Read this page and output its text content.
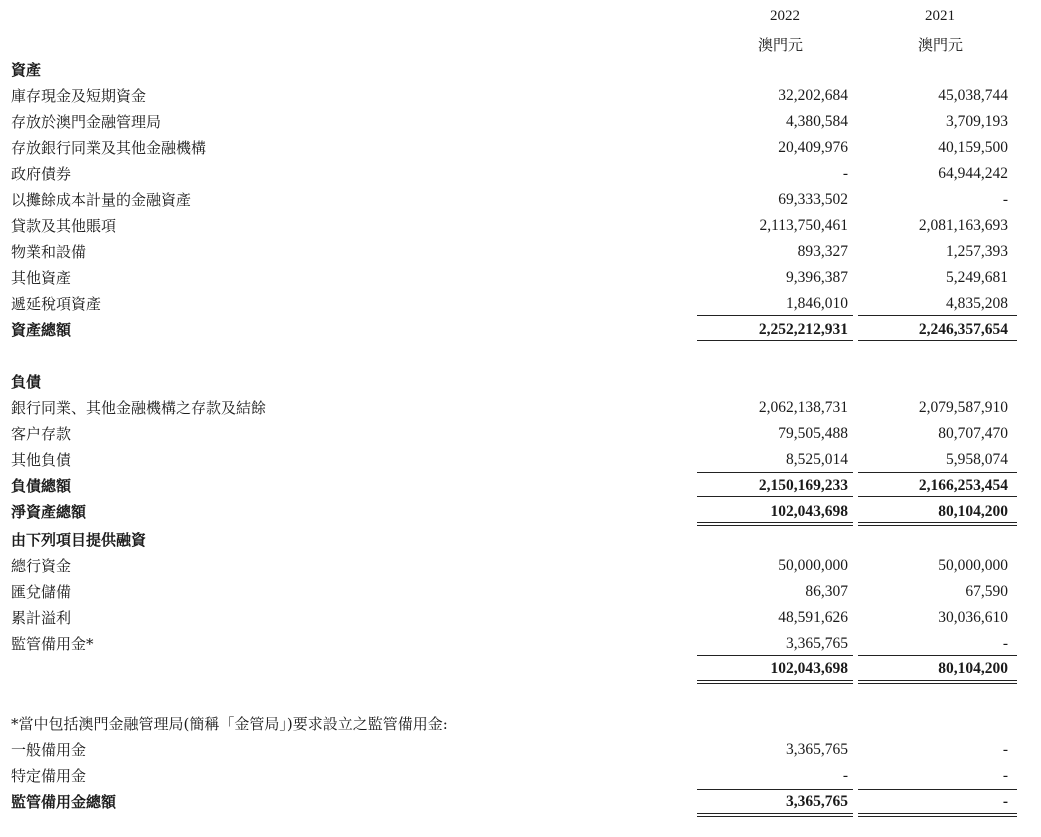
2022	2021
澳門元	澳門元
資產
庫存現金及短期資金	32,202,684	45,038,744
存放於澳門金融管理局	4,380,584	3,709,193
存放銀行同業及其他金融機構	20,409,976	40,159,500
政府債券	-	64,944,242
以攤餘成本計量的金融資產	69,333,502	-
貸款及其他賬項	2,113,750,461	2,081,163,693
物業和設備	893,327	1,257,393
其他資產	9,396,387	5,249,681
遞延稅項資產	1,846,010	4,835,208
資產總額	2,252,212,931	2,246,357,654
負債
銀行同業、其他金融機構之存款及結餘	2,062,138,731	2,079,587,910
客户存款	79,505,488	80,707,470
其他負債	8,525,014	5,958,074
負債總額	2,150,169,233	2,166,253,454
淨資產總額	102,043,698	80,104,200
由下列項目提供融資
總行資金	50,000,000	50,000,000
匯兌儲備	86,307	67,590
累計溢利	48,591,626	30,036,610
監管備用金*	3,365,765	-
102,043,698	80,104,200
*當中包括澳門金融管理局(簡稱「金管局」)要求設立之監管備用金:
一般備用金	3,365,765	-
特定備用金	-	-
監管備用金總額	3,365,765	-
